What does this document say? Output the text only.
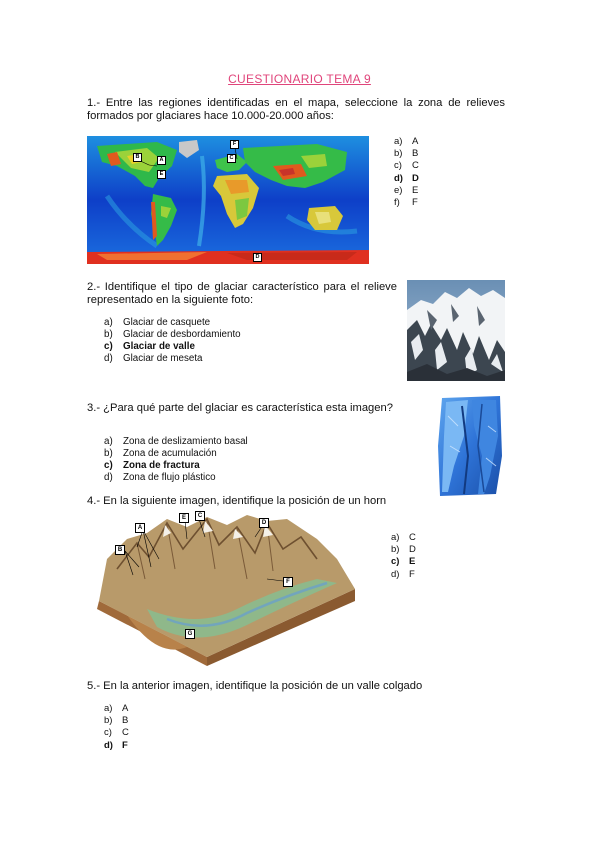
CUESTIONARIO TEMA 9
1.- Entre las regiones identificadas en el mapa, seleccione la zona de relieves formados por glaciares hace 10.000-20.000 años:
B	A
E
F
C
D
a)	A
b)	B
c)	C
d) D
e)	E
f)	F
2.- Identifique el tipo de glaciar característico para el relieve representado en la siguiente foto:
a)	Glaciar de casquete
b)	Glaciar de desbordamiento
c)	Glaciar de valle
d)	Glaciar de meseta
3.- ¿Para qué parte del glaciar es característica esta imagen?
a)	Zona de deslizamiento basal
b)	Zona de acumulación
c)	Zona de fractura
d)	Zona de flujo plástico
4.- En la siguiente imagen, identifique la posición de un horn
A
B
E	C
D
F
G
a)	C
b)	D
c)	E
d)	F
5.- En la anterior imagen, identifique la posición de un valle colgado
a)	A
b)	B
c)	C
d) F
